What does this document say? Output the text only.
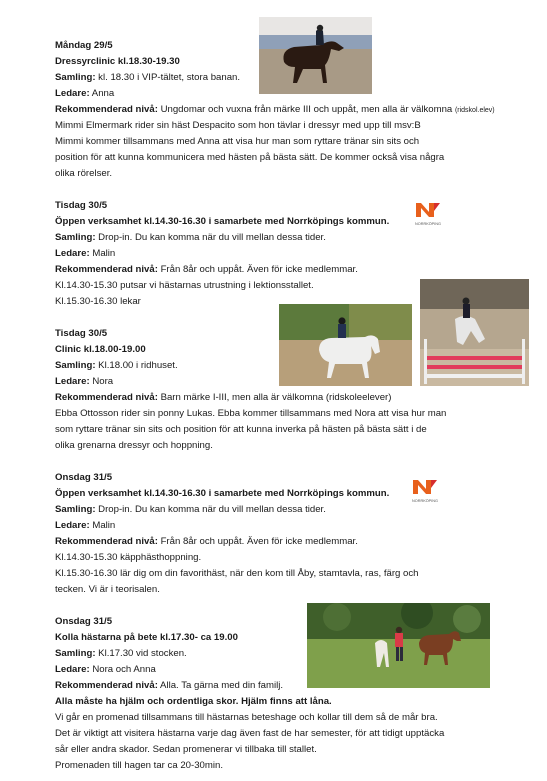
NORRKÖPING
NORRKÖPING
Måndag 29/5
Dressyrclinic kl.18.30-19.30
Samling: kl. 18.30 i VIP-tältet, stora banan.
Ledare: Anna
Rekommenderad nivå: Ungdomar och vuxna från märke III och uppåt, men alla är välkomna (ridskol.elev)
Mimmi Elmermark rider sin häst Despacito som hon tävlar i dressyr med upp till msv:B
Mimmi kommer tillsammans med Anna att visa hur man som ryttare tränar sin sits och
position för att kunna kommunicera med hästen på bästa sätt. De kommer också visa några
olika rörelser.
Tisdag 30/5
Öppen verksamhet kl.14.30-16.30 i samarbete med Norrköpings kommun.
Samling: Drop-in. Du kan komma när du vill mellan dessa tider.
Ledare: Malin
Rekommenderad nivå: Från 8år och uppåt. Även för icke medlemmar.
Kl.14.30-15.30 putsar vi hästarnas utrustning i lektionsstallet.
Kl.15.30-16.30 lekar
Tisdag 30/5
Clinic kl.18.00-19.00
Samling: Kl.18.00 i ridhuset.
Ledare: Nora
Rekommenderad nivå: Barn märke I-III, men alla är välkomna (ridskoleelever)
Ebba Ottosson rider sin ponny Lukas. Ebba kommer tillsammans med Nora att visa hur man
som ryttare tränar sin sits och position för att kunna inverka på hästen på bästa sätt i de
olika grenarna dressyr och hoppning.
Onsdag 31/5
Öppen verksamhet kl.14.30-16.30 i samarbete med Norrköpings kommun.
Samling: Drop-in. Du kan komma när du vill mellan dessa tider.
Ledare: Malin
Rekommenderad nivå: Från 8år och uppåt. Även för icke medlemmar.
Kl.14.30-15.30 käpphästhoppning.
Kl.15.30-16.30 lär dig om din favorithäst, när den kom till Åby, stamtavla, ras, färg och
tecken. Vi är i teorisalen.
Onsdag 31/5
Kolla hästarna på bete kl.17.30- ca 19.00
Samling: Kl.17.30 vid stocken.
Ledare: Nora och Anna
Rekommenderad nivå: Alla. Ta gärna med din familj.
Alla måste ha hjälm och ordentliga skor. Hjälm finns att låna.
Vi går en promenad tillsammans till hästarnas beteshage och kollar till dem så de mår bra.
Det är viktigt att visitera hästarna varje dag även fast de har semester, för att tidigt upptäcka
sår eller andra skador. Sedan promenerar vi tillbaka till stallet.
Promenaden till hagen tar ca 20-30min.
